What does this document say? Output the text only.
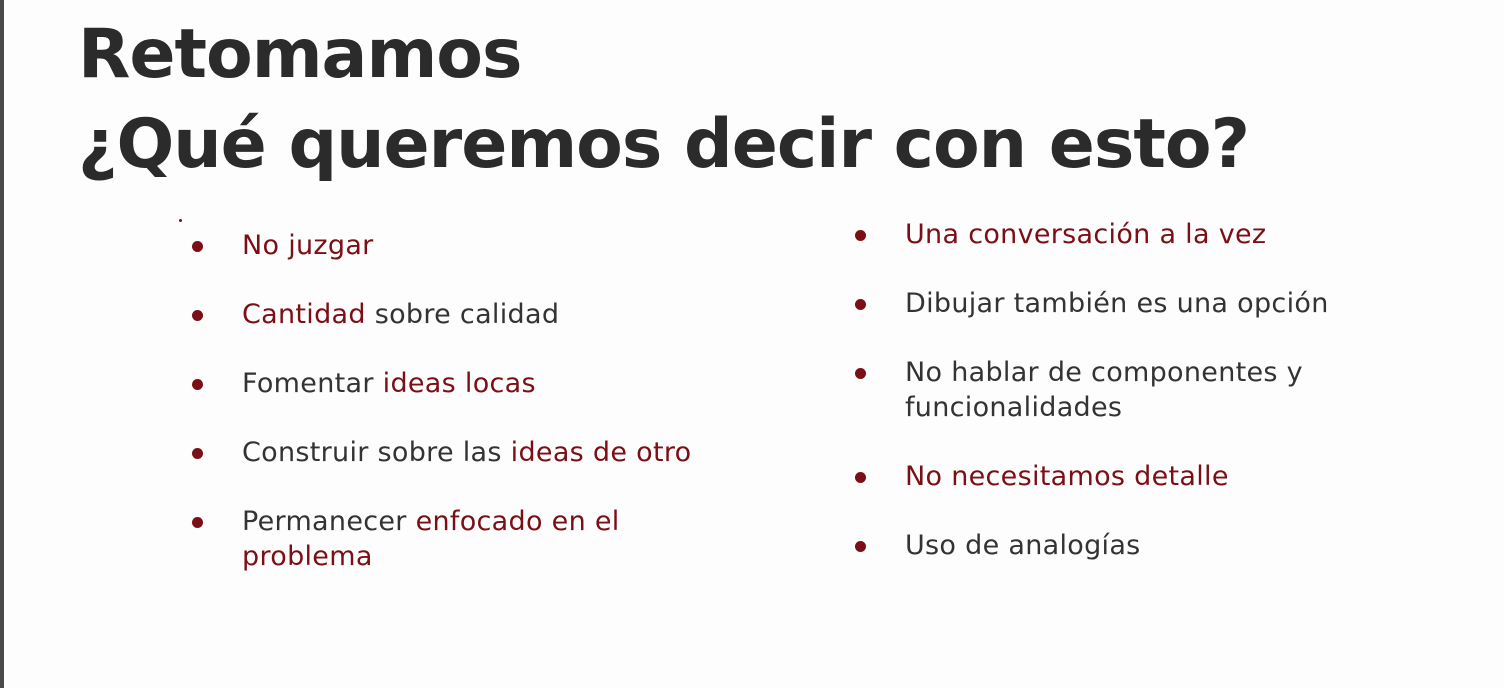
Retomamos
¿Qué queremos decir con esto?
No juzgar
Cantidad sobre calidad
Fomentar ideas locas
Construir sobre las ideas de otro
Permanecer enfocado en el problema
Una conversación a la vez
Dibujar también es una opción
No hablar de componentes y funcionalidades
No necesitamos detalle
Uso de analogías
